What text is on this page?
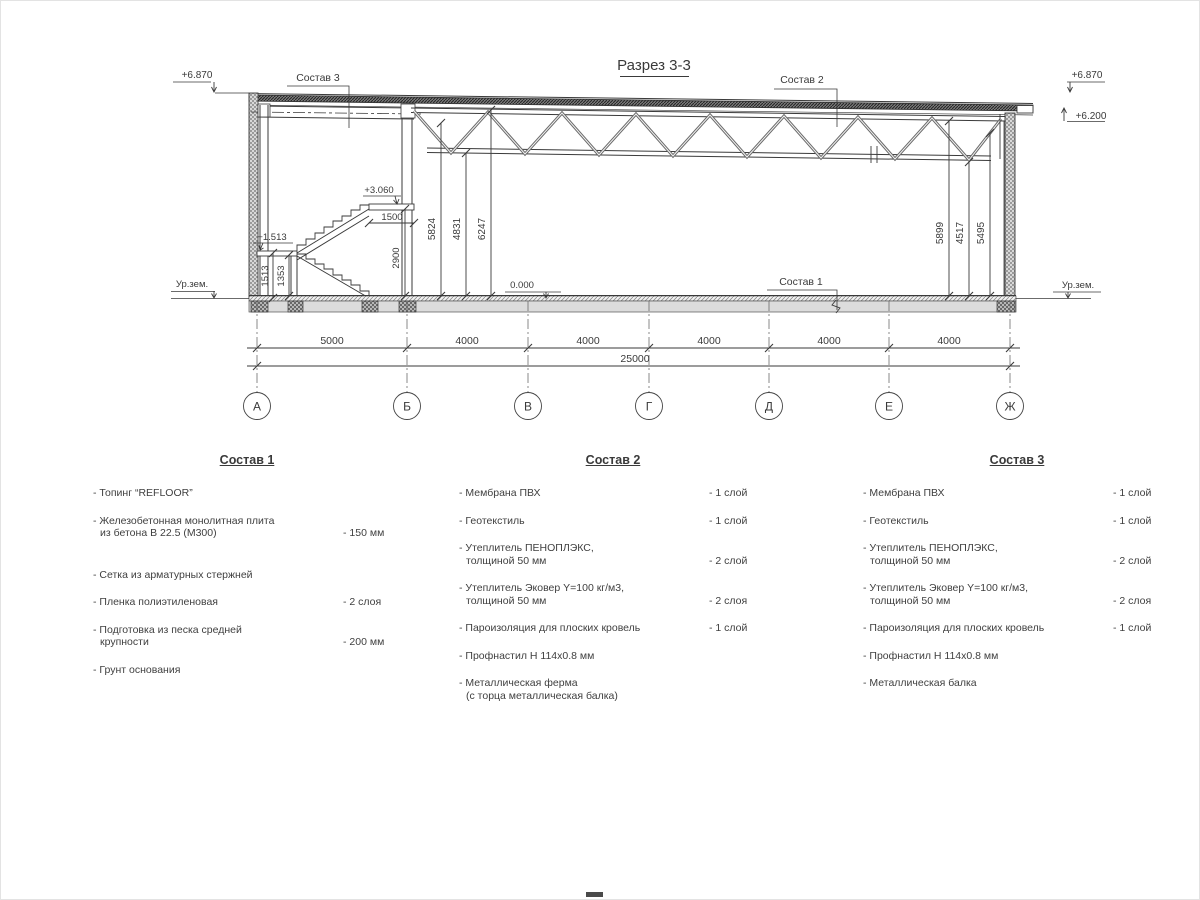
Разрез 3-3
Состав 3	Состав 2
Состав 1
+6.870	+6.870
+6.200
+3.060
+1.513
0.000
Ур.зем.	Ур.зем.
5824 4831 6247	5899 4517 5495
1513 1353
2900
1500
5000	4000	4000	4000	4000	4000
25000
А	Б	В	Г	Д	Е	Ж
Состав 1
- Топинг “REFLOOR”
- Железобетонная монолитная плита
из бетона В 22.5 (М300)	- 150 мм
- Сетка из арматурных стержней
- Пленка полиэтиленовая	- 2 слоя
- Подготовка из песка средней
крупности	- 200 мм
- Грунт основания
Состав 2
- Мембрана ПВХ	- 1 слой
- Геотекстиль	- 1 слой
- Утеплитель ПЕНОПЛЭКС,
толщиной 50 мм	- 2 слой
- Утеплитель Эковер Y=100 кг/м3,
толщиной 50 мм	- 2 слоя
- Пароизоляция для плоских кровель	- 1 слой
- Профнастил Н 114х0.8 мм
- Металлическая ферма
(с торца металлическая балка)
Состав 3
- Мембрана ПВХ	- 1 слой
- Геотекстиль	- 1 слой
- Утеплитель ПЕНОПЛЭКС,
толщиной 50 мм	- 2 слой
- Утеплитель Эковер Y=100 кг/м3,
толщиной 50 мм	- 2 слоя
- Пароизоляция для плоских кровель	- 1 слой
- Профнастил Н 114х0.8 мм
- Металлическая балка
